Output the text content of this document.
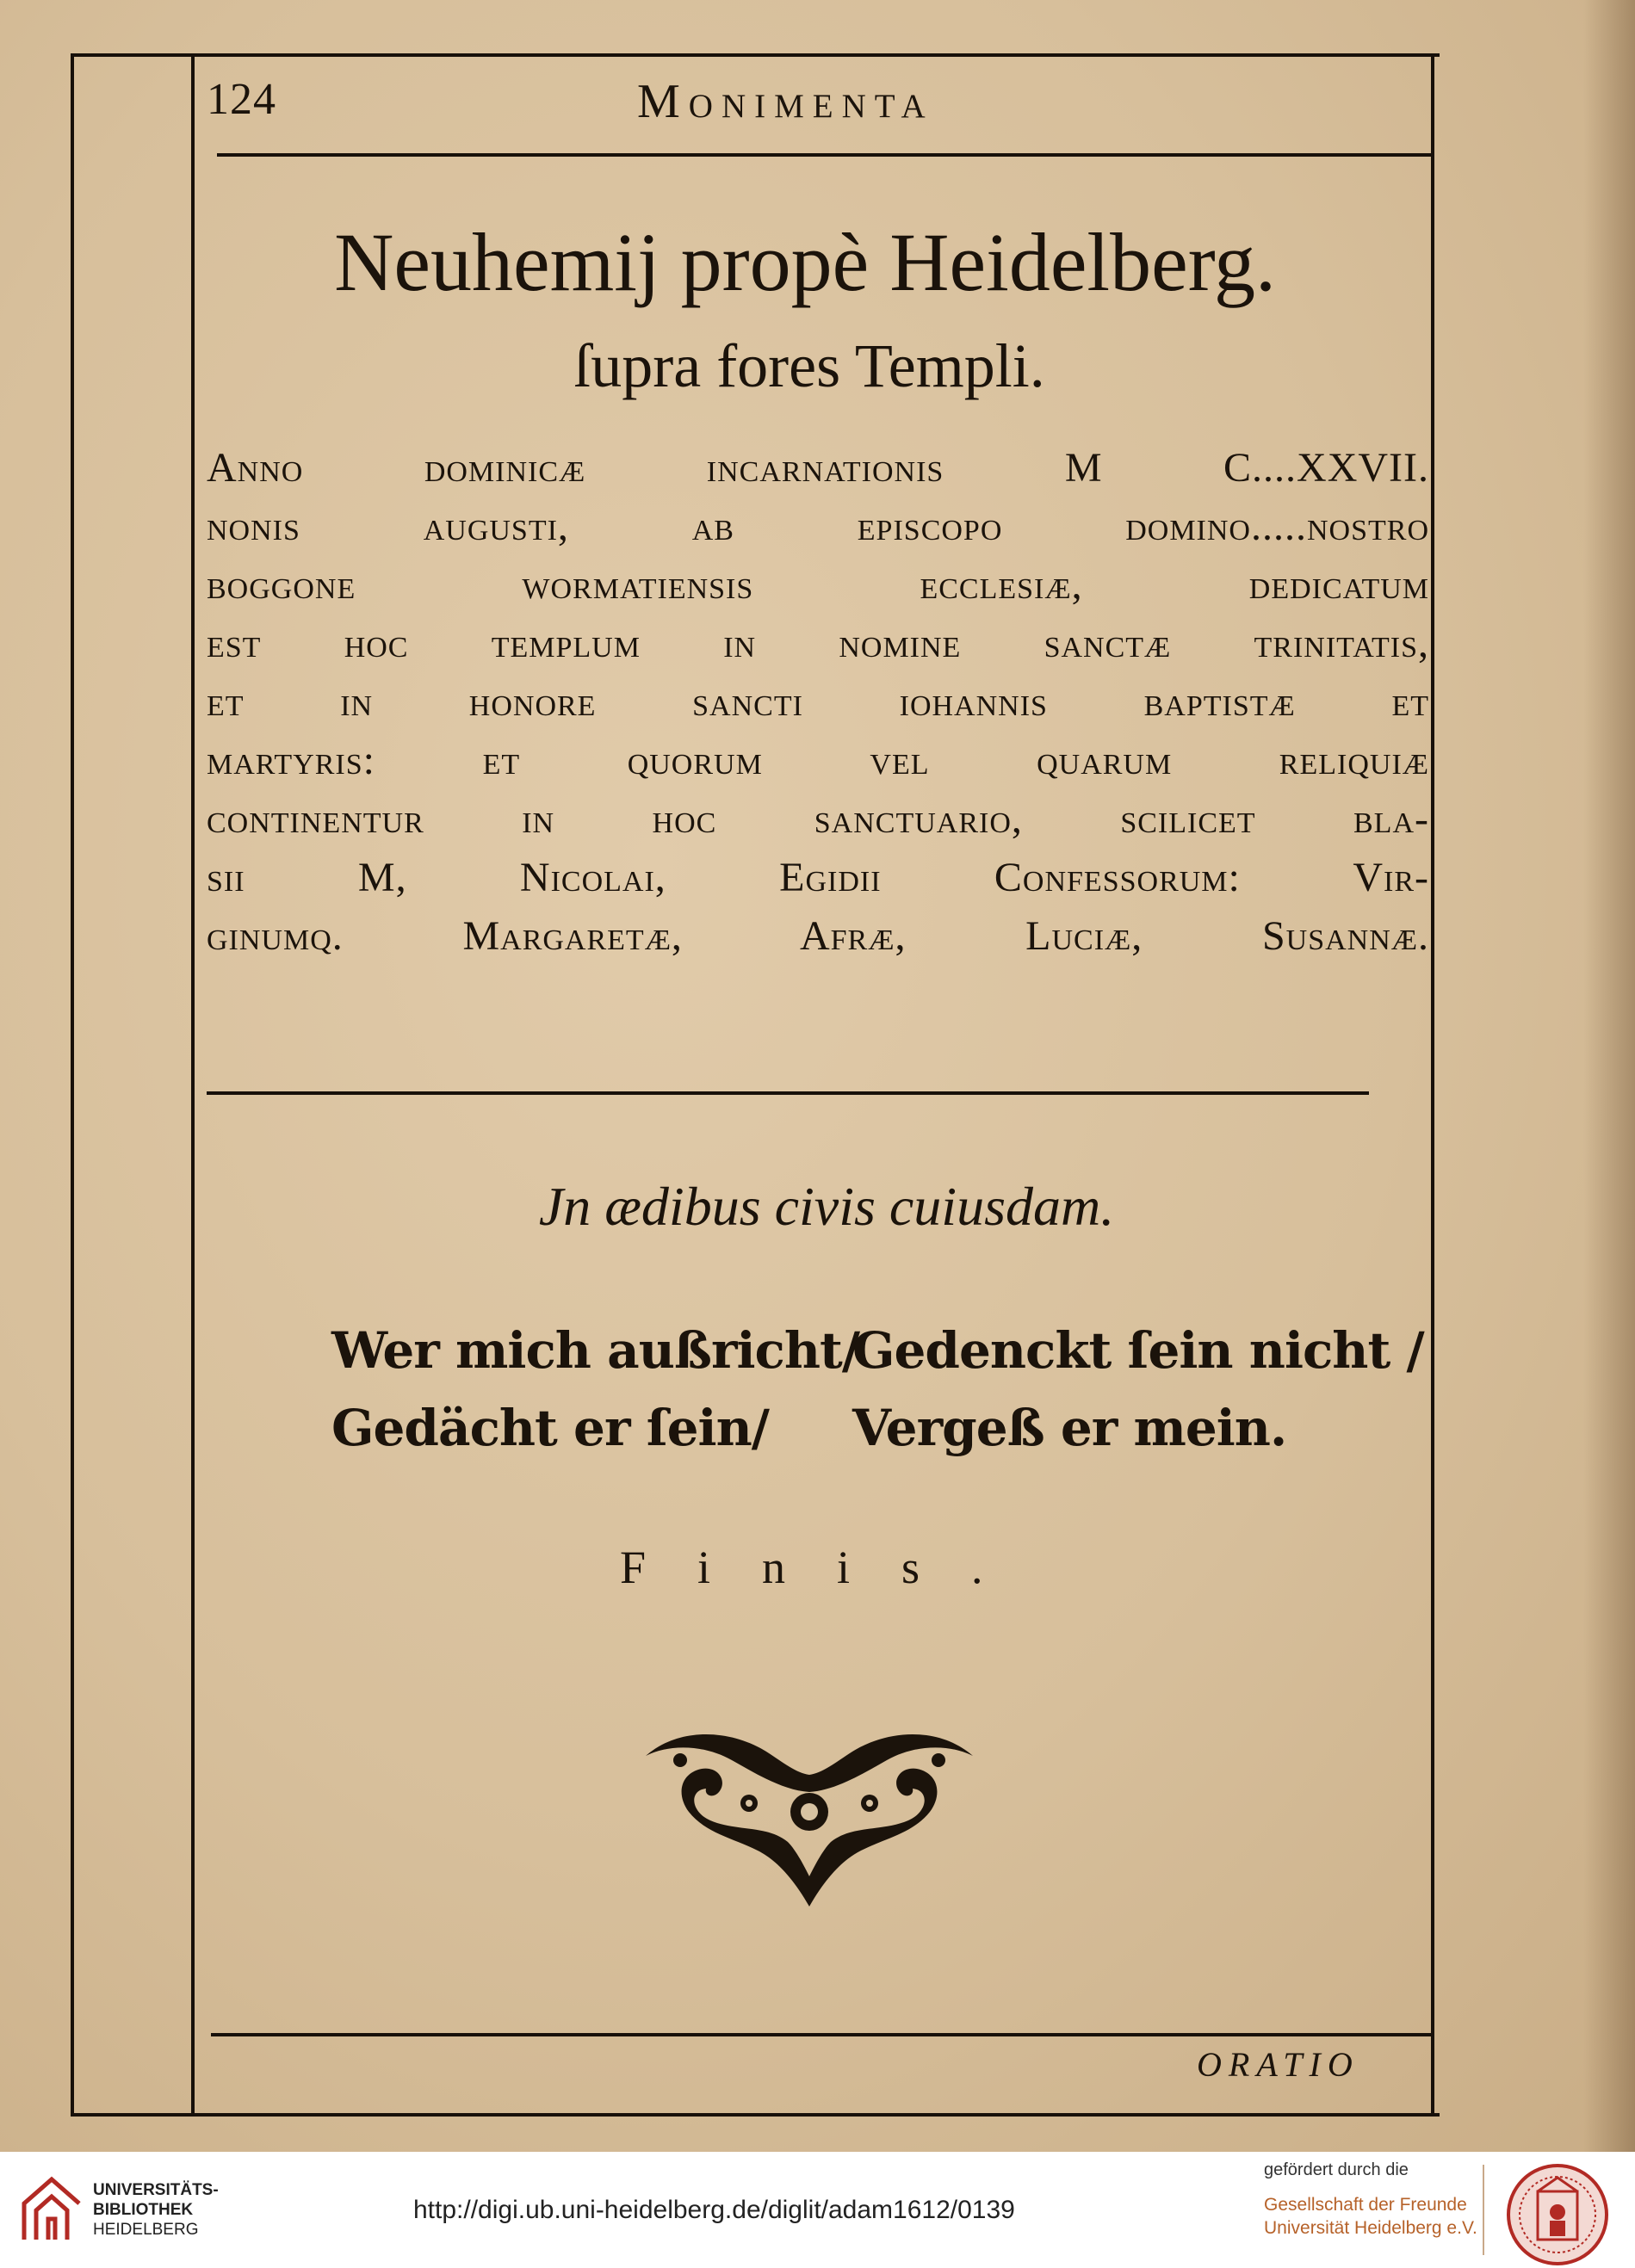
124	Monimenta
Neuhemij propè Heidelberg.
ſupra fores Templi.
Anno dominicæ incarnationis M C....XXVII.
nonis augusti, ab episcopo domino.....nostro
boggone wormatiensis ecclesiæ, dedicatum
est hoc templum in nomine sanctæ trinitatis,
et in honore sancti iohannis baptistæ et
martyris: et quorum vel quarum reliquiæ
continentur in hoc sanctuario, scilicet bla-
sii M, Nicolai, Egidii Confessorum: Vir-
ginumq. Margaretæ, Afræ, Luciæ, Susannæ.
Jn ædibus civis cuiusdam.
Wer mich außricht/
Gedenckt ſein nicht /
Gedächt er ſein/ Vergeß er mein.
Finis.
ORATIO
UNIVERSITÄTS-
BIBLIOTHEK
HEIDELBERG
http://digi.ub.uni-heidelberg.de/diglit/adam1612/0139
gefördert durch die
Gesellschaft der Freunde
Universität Heidelberg e.V.
